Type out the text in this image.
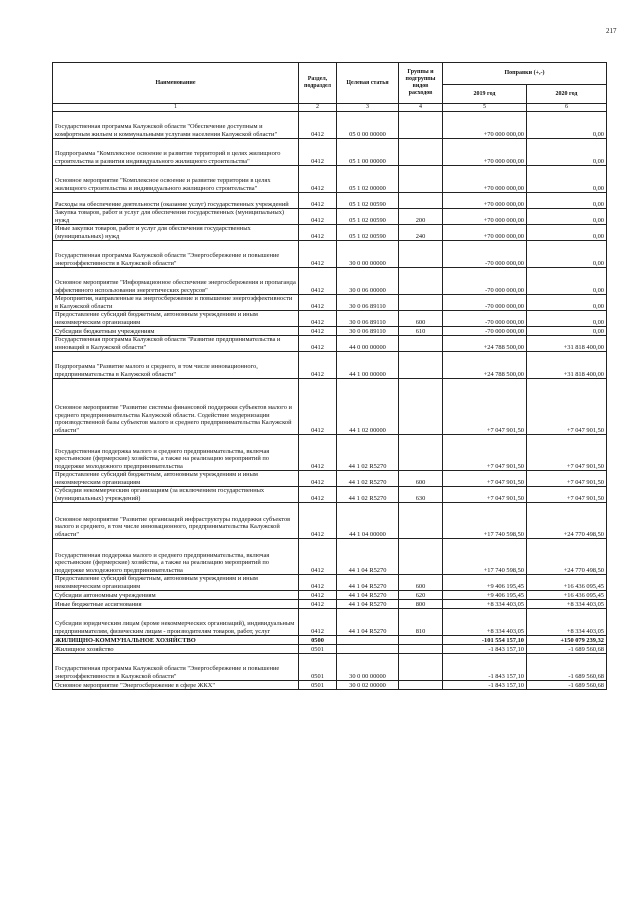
217
Наименование	Раздел, подраздел	Целевая статья	Группы и подгруппы видов расходов	Поправки (+,-)	
				2019 год	2020 год
1	2	3	4	5	6
Государственная программа Калужской области "Обеспечение доступным и комфортным жильем и коммунальными услугами населения Калужской области"	0412	05 0 00 00000		+70 000 000,00	0,00
Подпрограмма "Комплексное освоение и развитие территорий в целях жилищного строительства и развития индивидуального жилищного строительства"	0412	05 1 00 00000		+70 000 000,00	0,00
Основное мероприятие "Комплексное освоение и развитие территории в целях жилищного строительства и индивидуального жилищного строительства"	0412	05 1 02 00000		+70 000 000,00	0,00
Расходы на обеспечение деятельности (оказание услуг) государственных учреждений	0412	05 1 02 00590		+70 000 000,00	0,00
Закупка товаров, работ и услуг для обеспечения государственных (муниципальных) нужд	0412	05 1 02 00590	200	+70 000 000,00	0,00
Иные закупки товаров, работ и услуг для обеспечения государственных (муниципальных) нужд	0412	05 1 02 00590	240	+70 000 000,00	0,00
Государственная программа Калужской области "Энергосбережение и повышение энергоэффективности в Калужской области"	0412	30 0 00 00000		-70 000 000,00	0,00
Основное мероприятие "Информационное обеспечение энергосбережения и пропаганда эффективного использования энергетических ресурсов"	0412	30 0 06 00000		-70 000 000,00	0,00
Мероприятия, направленные на энергосбережение и повышение энергоэффективности в Калужской области	0412	30 0 06 89110		-70 000 000,00	0,00
Предоставление субсидий бюджетным, автономным учреждениям и иным некоммерческим организациям	0412	30 0 06 89110	600	-70 000 000,00	0,00
Субсидии бюджетным учреждениям	0412	30 0 06 89110	610	-70 000 000,00	0,00
Государственная программа Калужской области "Развитие предпринимательства и инноваций в Калужской области"	0412	44 0 00 00000		+24 788 500,00	+31 818 400,00
Подпрограмма "Развитие малого и среднего, в том числе инновационного, предпринимательства в Калужской области"	0412	44 1 00 00000		+24 788 500,00	+31 818 400,00
Основное мероприятие "Развитие системы финансовой поддержки субъектов малого и среднего предпринимательства Калужской области. Содействие модернизации производственной базы субъектов малого и среднего предпринимательства Калужской области"	0412	44 1 02 00000		+7 047 901,50	+7 047 901,50
Государственная поддержка малого и среднего предпринимательства, включая крестьянские (фермерские) хозяйства, а также на реализацию мероприятий по поддержке молодежного предпринимательства	0412	44 1 02 R5270		+7 047 901,50	+7 047 901,50
Предоставление субсидий бюджетным, автономным учреждениям и иным некоммерческим организациям	0412	44 1 02 R5270	600	+7 047 901,50	+7 047 901,50
Субсидии некоммерческим организациям (за исключением государственных (муниципальных) учреждений)	0412	44 1 02 R5270	630	+7 047 901,50	+7 047 901,50
Основное мероприятие "Развитие организаций инфраструктуры поддержки субъектов малого и среднего, в том числе инновационного, предпринимательства Калужской области"	0412	44 1 04 00000		+17 740 598,50	+24 770 498,50
Государственная поддержка малого и среднего предпринимательства, включая крестьянские (фермерские) хозяйства, а также на реализацию мероприятий по поддержке молодежного предпринимательства	0412	44 1 04 R5270		+17 740 598,50	+24 770 498,50
Предоставление субсидий бюджетным, автономным учреждениям и иным некоммерческим организациям	0412	44 1 04 R5270	600	+9 406 195,45	+16 436 095,45
Субсидии автономным учреждениям	0412	44 1 04 R5270	620	+9 406 195,45	+16 436 095,45
Иные бюджетные ассигнования	0412	44 1 04 R5270	800	+8 334 403,05	+8 334 403,05
Субсидии юридическим лицам (кроме некоммерческих организаций), индивидуальным предпринимателям, физическим лицам - производителям товаров, работ, услуг	0412	44 1 04 R5270	810	+8 334 403,05	+8 334 403,05
ЖИЛИЩНО-КОММУНАЛЬНОЕ ХОЗЯЙСТВО	0500			-101 554 157,10	+150 079 239,32
Жилищное хозяйство	0501			-1 843 157,10	-1 689 560,68
Государственная программа Калужской области "Энергосбережение и повышение энергоэффективности в Калужской области"	0501	30 0 00 00000		-1 843 157,10	-1 689 560,68
Основное мероприятие "Энергосбережение в сфере ЖКХ"	0501	30 0 02 00000		-1 843 157,10	-1 689 560,68
